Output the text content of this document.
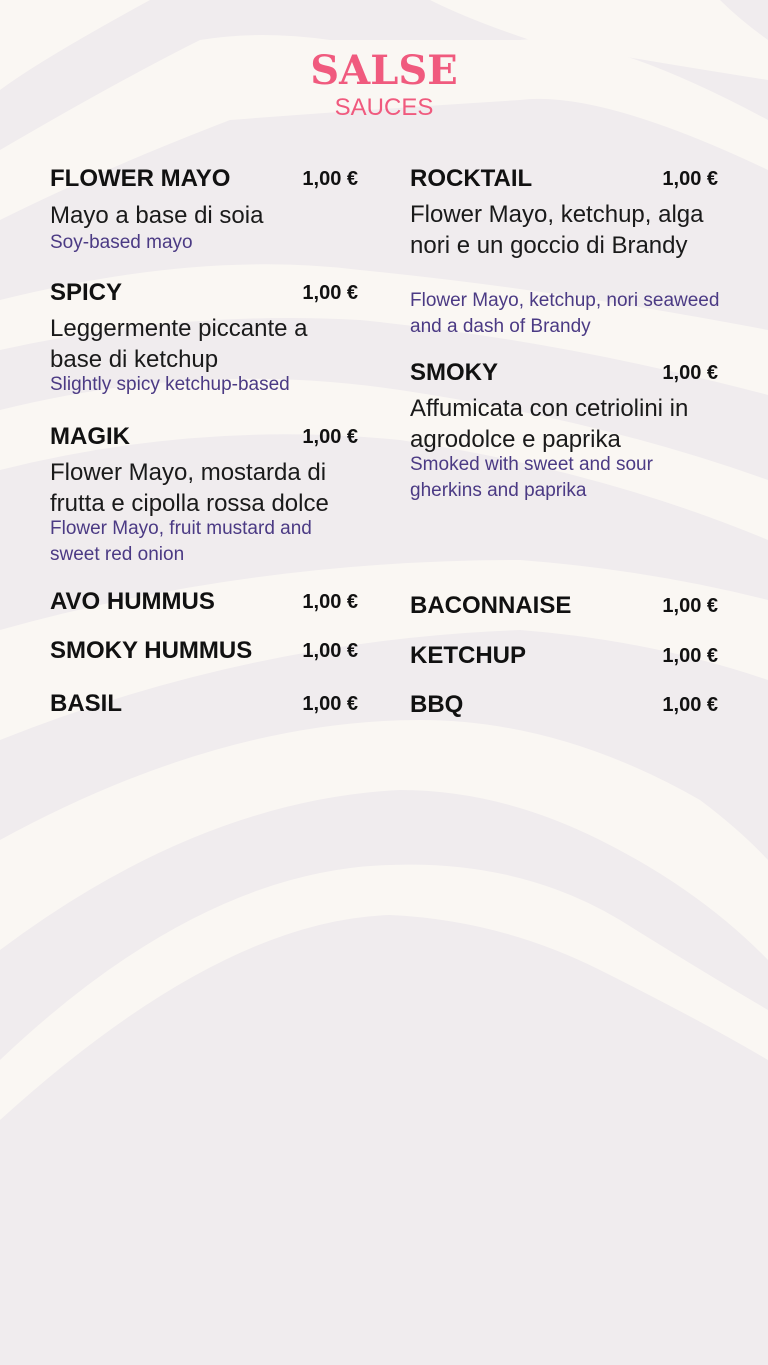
SALSE
SAUCES
FLOWER MAYO	1,00 €
Mayo a base di soia
Soy-based mayo
SPICY	1,00 €
Leggermente piccante a base di ketchup
Slightly spicy ketchup-based
MAGIK	1,00 €
Flower Mayo, mostarda di frutta e cipolla rossa dolce
Flower Mayo, fruit mustard and sweet red onion
AVO HUMMUS	1,00 €
SMOKY HUMMUS	1,00 €
BASIL	1,00 €
ROCKTAIL	1,00 €
Flower Mayo, ketchup, alga nori e un goccio di Brandy
Flower Mayo, ketchup, nori seaweed and a dash of Brandy
SMOKY	1,00 €
Affumicata con cetriolini in agrodolce e paprika
Smoked with sweet and sour gherkins and paprika
BACONNAISE	1,00 €
KETCHUP	1,00 €
BBQ	1,00 €
